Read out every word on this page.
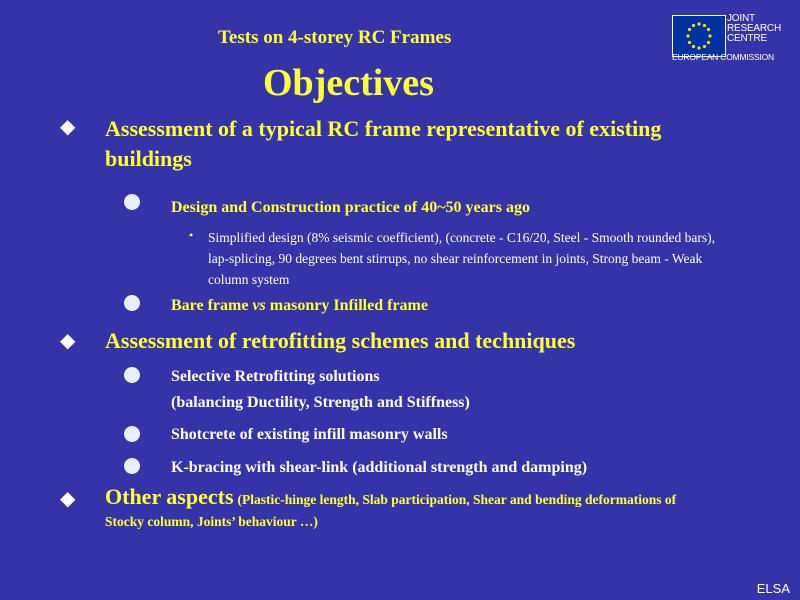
Tests on 4-storey RC Frames
Objectives
JOINT
RESEARCH
CENTRE
EUROPEAN COMMISSION
◆ Assessment of a typical RC frame representative of existing buildings
Design and Construction practice of 40~50 years ago
• Simplified design (8% seismic coefficient), (concrete - C16/20, Steel - Smooth rounded bars), lap-splicing, 90 degrees bent stirrups, no shear reinforcement in joints, Strong beam - Weak column system
Bare frame vs masonry Infilled frame
◆ Assessment of retrofitting schemes and techniques
Selective Retrofitting solutions
(balancing Ductility, Strength and Stiffness)
Shotcrete of existing infill masonry walls
K-bracing with shear-link (additional strength and damping)
◆ Other aspects (Plastic-hinge length, Slab participation, Shear and bending deformations of Stocky column, Joints’ behaviour …)
ELSA
